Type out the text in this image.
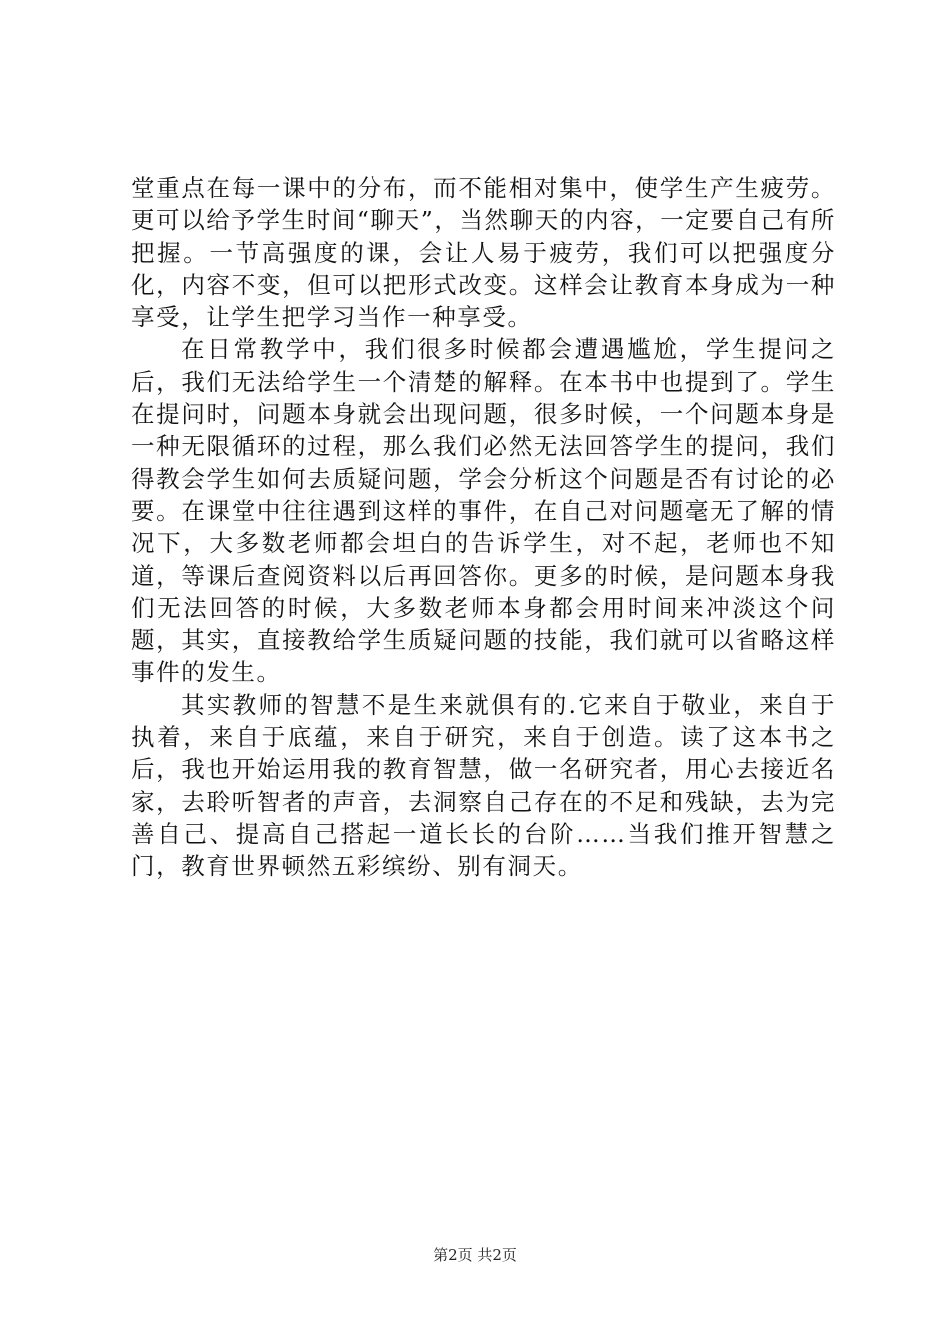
堂重点在每一课中的分布，而不能相对集中，使学生产生疲劳。更可以给予学生时间“聊天”，当然聊天的内容，一定要自己有所把握。一节高强度的课，会让人易于疲劳，我们可以把强度分化，内容不变，但可以把形式改变。这样会让教育本身成为一种享受，让学生把学习当作一种享受。

在日常教学中，我们很多时候都会遭遇尴尬，学生提问之后，我们无法给学生一个清楚的解释。在本书中也提到了。学生在提问时，问题本身就会出现问题，很多时候，一个问题本身是一种无限循环的过程，那么我们必然无法回答学生的提问，我们得教会学生如何去质疑问题，学会分析这个问题是否有讨论的必要。在课堂中往往遇到这样的事件，在自己对问题毫无了解的情况下，大多数老师都会坦白的告诉学生，对不起，老师也不知道，等课后查阅资料以后再回答你。更多的时候，是问题本身我们无法回答的时候，大多数老师本身都会用时间来冲淡这个问题，其实，直接教给学生质疑问题的技能，我们就可以省略这样事件的发生。

其实教师的智慧不是生来就俱有的.它来自于敬业，来自于执着，来自于底蕴，来自于研究，来自于创造。读了这本书之后，我也开始运用我的教育智慧，做一名研究者，用心去接近名家，去聆听智者的声音，去洞察自己存在的不足和残缺，去为完善自己、提高自己搭起一道长长的台阶……当我们推开智慧之门，教育世界顿然五彩缤纷、别有洞天。

第2页 共2页
